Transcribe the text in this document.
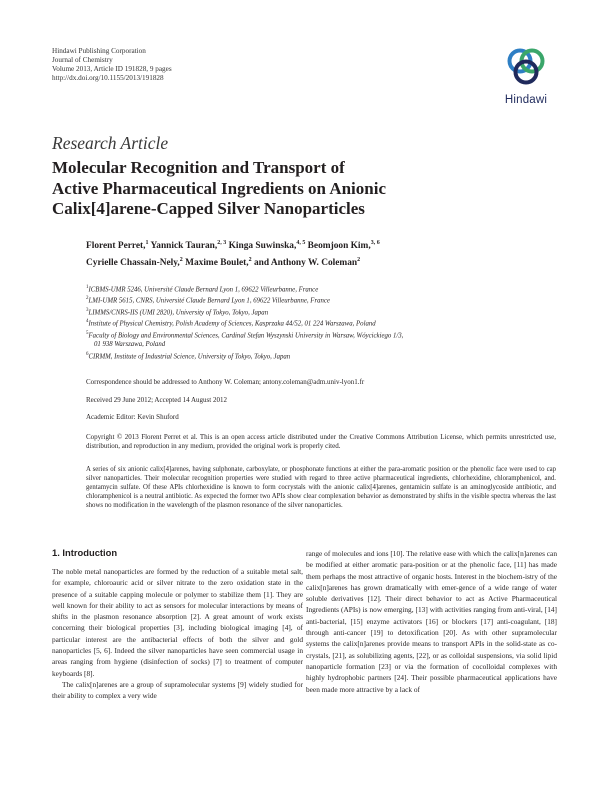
Hindawi Publishing Corporation
Journal of Chemistry
Volume 2013, Article ID 191828, 9 pages
http://dx.doi.org/10.1155/2013/191828
Hindawi
Research Article
Molecular Recognition and Transport of
Active Pharmaceutical Ingredients on Anionic
Calix[4]arene-Capped Silver Nanoparticles
Florent Perret,$^1$ Yannick Tauran,$^{2, 3}$ Kinga Suwinska,$^{4, 5}$ Beomjoon Kim,$^{3, 6}$
Cyrielle Chassain-Nely,$^2$ Maxime Boulet,$^2$ and Anthony W. Coleman$^2$
$^1$ICBMS-UMR 5246, Université Claude Bernard Lyon 1, 69622 Villeurbanne, France
$^2$LMI-UMR 5615, CNRS, Université Claude Bernard Lyon 1, 69622 Villeurbanne, France
$^3$LIMMS/CNRS-IIS (UMI 2820), University of Tokyo, Tokyo, Japan
$^4$Institute of Physical Chemistry, Polish Academy of Sciences, Kasprzaka 44/52, 01 224 Warszawa, Poland
$^5$Faculty of Biology and Environmental Sciences, Cardinal Stefan Wyszynski University in Warsaw, Wóycickiego 1/3,
01 938 Warszawa, Poland
$^6$CIRMM, Institute of Industrial Science, University of Tokyo, Tokyo, Japan
Correspondence should be addressed to Anthony W. Coleman; antony.coleman@adm.univ-lyon1.fr
Received 29 June 2012; Accepted 14 August 2012
Academic Editor: Kevin Shuford
Copyright © 2013 Florent Perret et al. This is an open access article distributed under the Creative Commons Attribution License, which permits unrestricted use, distribution, and reproduction in any medium, provided the original work is properly cited.
A series of six anionic calix[4]arenes, having sulphonate, carboxylate, or phosphonate functions at either the para-aromatic position or the phenolic face were used to cap silver nanoparticles. Their molecular recognition properties were studied with regard to three active pharmaceutical ingredients, chlorhexidine, chloramphenicol, and. gentamycin sulfate. Of these APIs chlorhexidine is known to form cocrystals with the anionic calix[4]arenes, gentamicin sulfate is an aminoglycoside antibiotic, and chloramphenicol is a neutral antibiotic. As expected the former two APIs show clear complexation behavior as demonstrated by shifts in the visible spectra whereas the last shows no modification in the wavelength of the plasmon resonance of the silver nanoparticles.
1. Introduction

The noble metal nanoparticles are formed by the reduction of a suitable metal salt, for example, chloroauric acid or silver nitrate to the zero oxidation state in the presence of a suitable capping molecule or polymer to stabilize them [1]. They are well known for their ability to act as sensors for molecular interactions by means of shifts in the plasmon resonance absorption [2]. A great amount of work exists concerning their biological properties [3], including biological imaging [4], of particular interest are the antibacterial effects of both the silver and gold nanoparticles [5, 6]. Indeed the silver nanoparticles have seen commercial usage in areas ranging from hygiene (disinfection of socks) [7] to treatment of computer keyboards [8].

The calix[n]arenes are a group of supramolecular systems [9] widely studied for their ability to complex a very wide

range of molecules and ions [10]. The relative ease with which the calix[n]arenes can be modified at either aromatic para-position or at the phenolic face, [11] has made them perhaps the most attractive of organic hosts. Interest in the biochem-istry of the calix[n]arenes has grown dramatically with emer-gence of a wide range of water soluble derivatives [12]. Their direct behavior to act as Active Pharmaceutical Ingredients (APIs) is now emerging, [13] with activities ranging from anti-viral, [14] anti-bacterial, [15] enzyme activators [16] or blockers [17] anti-coagulant, [18] through anti-cancer [19] to detoxification [20]. As with other supramolecular systems the calix[n]arenes provide means to transport APIs in the solid-state as co-crystals, [21], as solubilizing agents, [22], or as colloidal suspensions, via solid lipid nanoparticle formation [23] or via the formation of cocolloidal complexes with highly hydrophobic partners [24]. Their possible pharmaceutical applications have been made more attractive by a lack of
